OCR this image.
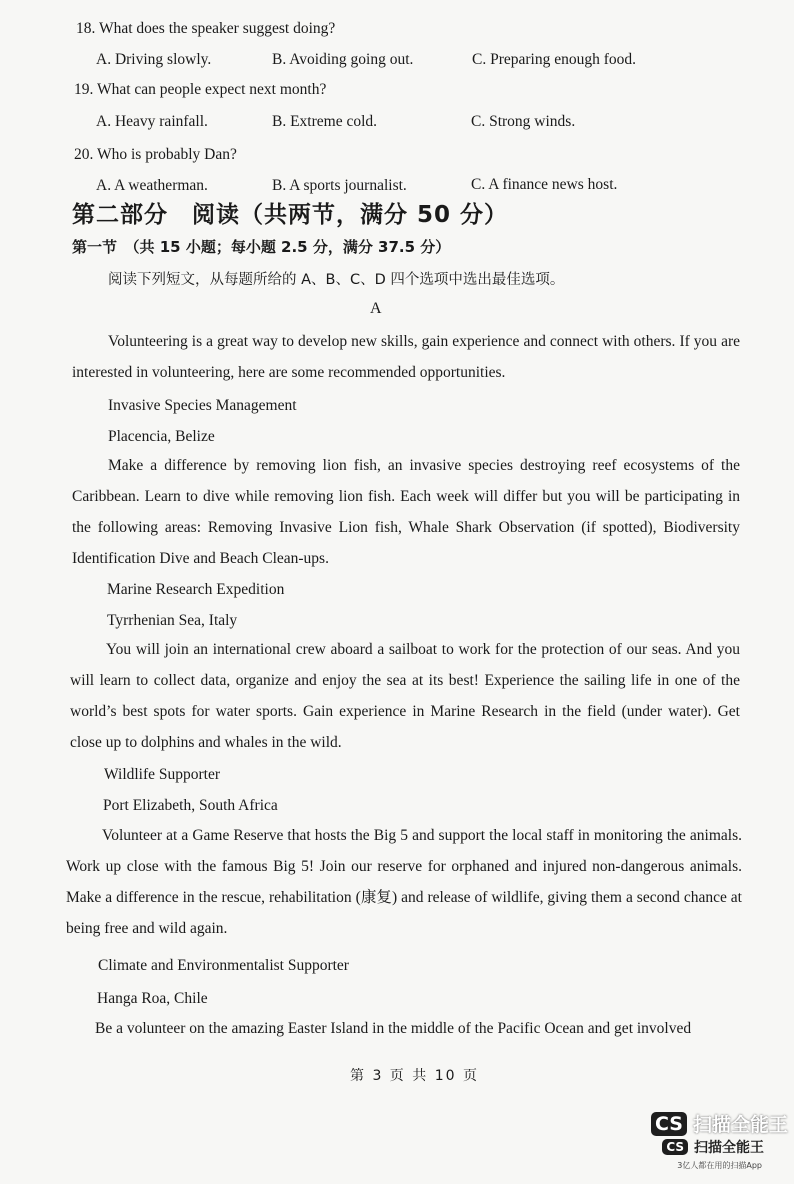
18. What does the speaker suggest doing?
A. Driving slowly.	B. Avoiding going out.	C. Preparing enough food.
19. What can people expect next month?
A. Heavy rainfall.	B. Extreme cold.	C. Strong winds.
20. Who is probably Dan?
A. A weatherman.	B. A sports journalist.	C. A finance news host.
第二部分　阅读（共两节，满分 50 分）
第一节　（共 15 小题；每小题 2.5 分，满分 37.5 分）
阅读下列短文，从每题所给的 A、B、C、D 四个选项中选出最佳选项。
A
Volunteering is a great way to develop new skills, gain experience and connect with others. If you are interested in volunteering, here are some recommended opportunities.
Invasive Species Management
Placencia, Belize
Make a difference by removing lion fish, an invasive species destroying reef ecosystems of the Caribbean. Learn to dive while removing lion fish. Each week will differ but you will be participating in the following areas: Removing Invasive Lion fish, Whale Shark Observation (if spotted), Biodiversity Identification Dive and Beach Clean-ups.
Marine Research Expedition
Tyrrhenian Sea, Italy
You will join an international crew aboard a sailboat to work for the protection of our seas. And you will learn to collect data, organize and enjoy the sea at its best! Experience the sailing life in one of the world’s best spots for water sports. Gain experience in Marine Research in the field (under water). Get close up to dolphins and whales in the wild.
Wildlife Supporter
Port Elizabeth, South Africa
Volunteer at a Game Reserve that hosts the Big 5 and support the local staff in monitoring the animals. Work up close with the famous Big 5! Join our reserve for orphaned and injured non-dangerous animals. Make a difference in the rescue, rehabilitation (康复) and release of wildlife, giving them a second chance at being free and wild again.
Climate and Environmentalist Supporter
Hanga Roa, Chile
Be a volunteer on the amazing Easter Island in the middle of the Pacific Ocean and get involved
第 3 页 共 10 页
CS 扫描全能王
CS 扫描全能王
3亿人都在用的扫描App
